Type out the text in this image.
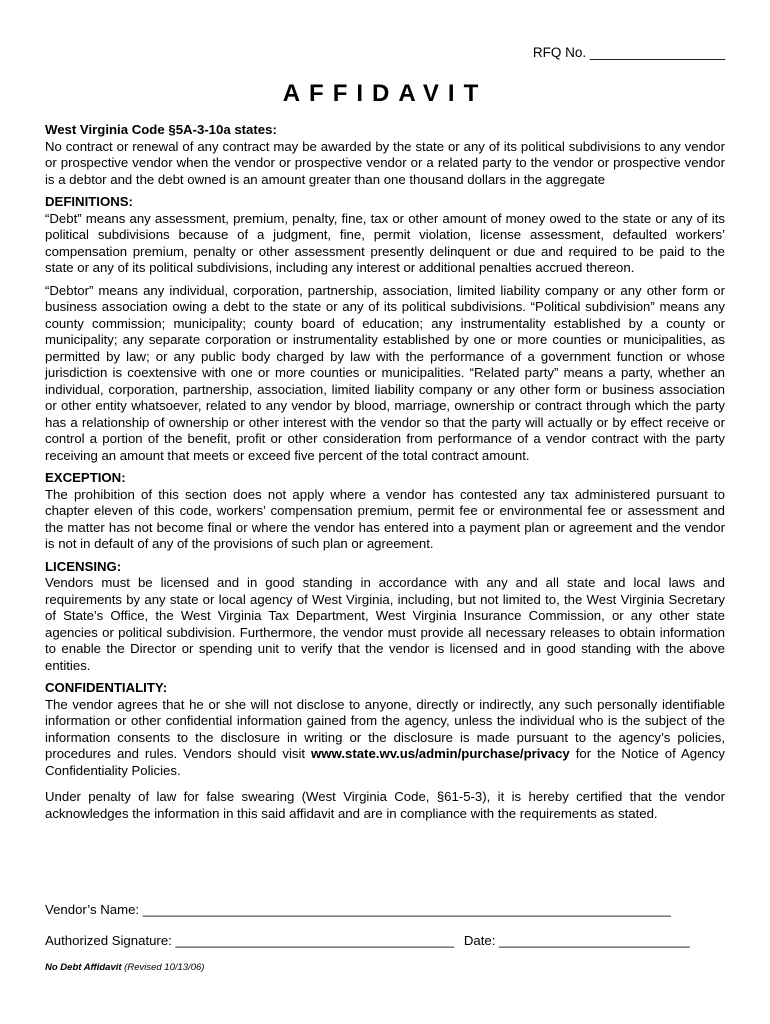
RFQ No. __________________
AFFIDAVIT
West Virginia Code §5A-3-10a states:

No contract or renewal of any contract may be awarded by the state or any of its political subdivisions to any vendor or prospective vendor when the vendor or prospective vendor or a related party to the vendor or prospective vendor is a debtor and the debt owned is an amount greater than one thousand dollars in the aggregate

DEFINITIONS:

“Debt” means any assessment, premium, penalty, fine, tax or other amount of money owed to the state or any of its political subdivisions because of a judgment, fine, permit violation, license assessment, defaulted workers’ compensation premium, penalty or other assessment presently delinquent or due and required to be paid to the state or any of its political subdivisions, including any interest or additional penalties accrued thereon.

“Debtor” means any individual, corporation, partnership, association, limited liability company or any other form or business association owing a debt to the state or any of its political subdivisions. “Political subdivision” means any county commission; municipality; county board of education; any instrumentality established by a county or municipality; any separate corporation or instrumentality established by one or more counties or municipalities, as permitted by law; or any public body charged by law with the performance of a government function or whose jurisdiction is coextensive with one or more counties or municipalities. “Related party” means a party, whether an individual, corporation, partnership, association, limited liability company or any other form or business association or other entity whatsoever, related to any vendor by blood, marriage, ownership or contract through which the party has a relationship of ownership or other interest with the vendor so that the party will actually or by effect receive or control a portion of the benefit, profit or other consideration from performance of a vendor contract with the party receiving an amount that meets or exceed five percent of the total contract amount.

EXCEPTION:

The prohibition of this section does not apply where a vendor has contested any tax administered pursuant to chapter eleven of this code, workers’ compensation premium, permit fee or environmental fee or assessment and the matter has not become final or where the vendor has entered into a payment plan or agreement and the vendor is not in default of any of the provisions of such plan or agreement.

LICENSING:

Vendors must be licensed and in good standing in accordance with any and all state and local laws and requirements by any state or local agency of West Virginia, including, but not limited to, the West Virginia Secretary of State’s Office, the West Virginia Tax Department, West Virginia Insurance Commission, or any other state agencies or political subdivision. Furthermore, the vendor must provide all necessary releases to obtain information to enable the Director or spending unit to verify that the vendor is licensed and in good standing with the above entities.

CONFIDENTIALITY:

The vendor agrees that he or she will not disclose to anyone, directly or indirectly, any such personally identifiable information or other confidential information gained from the agency, unless the individual who is the subject of the information consents to the disclosure in writing or the disclosure is made pursuant to the agency’s policies, procedures and rules. Vendors should visit www.state.wv.us/admin/purchase/privacy for the Notice of Agency Confidentiality Policies.

Under penalty of law for false swearing (West Virginia Code, §61-5-3), it is hereby certified that the vendor acknowledges the information in this said affidavit and are in compliance with the requirements as stated.

Vendor’s Name: ________________________________________________________________________
Authorized Signature: ______________________________________ Date: __________________________
No Debt Affidavit (Revised 10/13/06)
